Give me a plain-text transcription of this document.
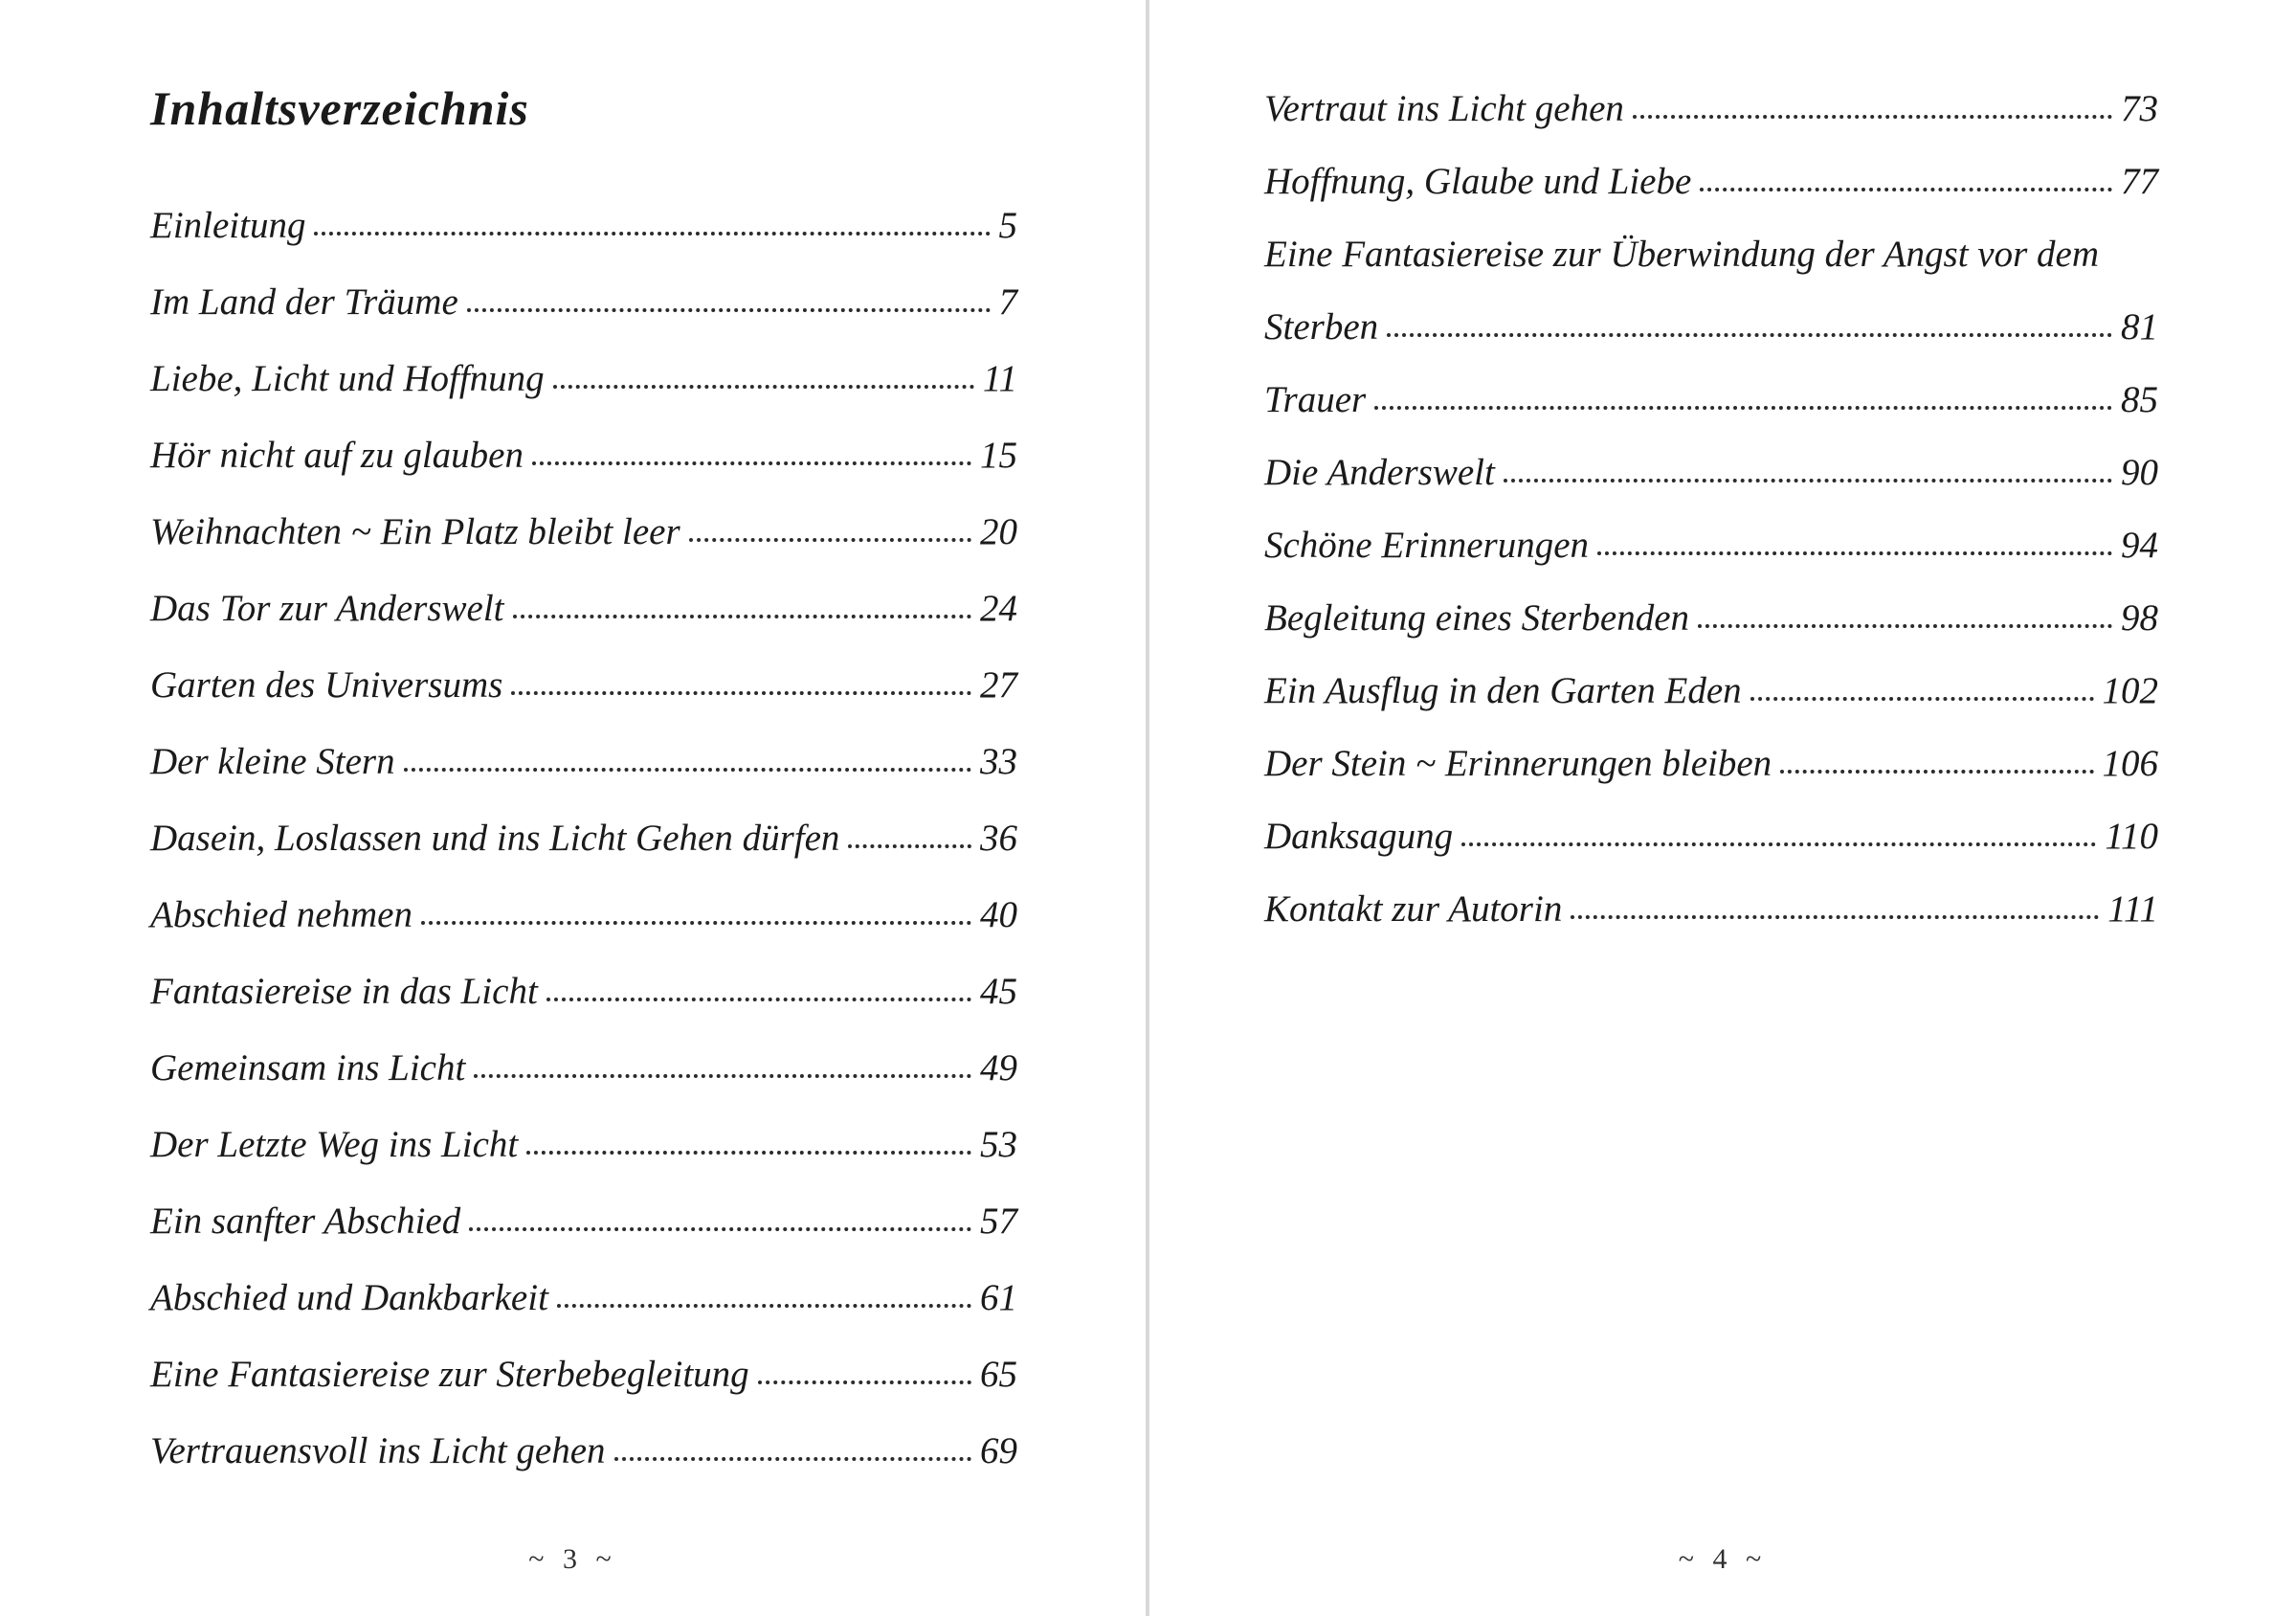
Inhaltsverzeichnis
Einleitung	5
Im Land der Träume	7
Liebe, Licht und Hoffnung	11
Hör nicht auf zu glauben	15
Weihnachten ~ Ein Platz bleibt leer	20
Das Tor zur Anderswelt	24
Garten des Universums	27
Der kleine Stern	33
Dasein, Loslassen und ins Licht Gehen dürfen	36
Abschied nehmen	40
Fantasiereise in das Licht	45
Gemeinsam ins Licht	49
Der Letzte Weg ins Licht	53
Ein sanfter Abschied	57
Abschied und Dankbarkeit	61
Eine Fantasiereise zur Sterbebegleitung	65
Vertrauensvoll ins Licht gehen	69
~ 3 ~
Vertraut ins Licht gehen	73
Hoffnung, Glaube und Liebe	77
Eine Fantasiereise zur Überwindung der Angst vor dem
Sterben	81
Trauer	85
Die Anderswelt	90
Schöne Erinnerungen	94
Begleitung eines Sterbenden	98
Ein Ausflug in den Garten Eden	102
Der Stein ~ Erinnerungen bleiben	106
Danksagung	110
Kontakt zur Autorin	111
~ 4 ~
